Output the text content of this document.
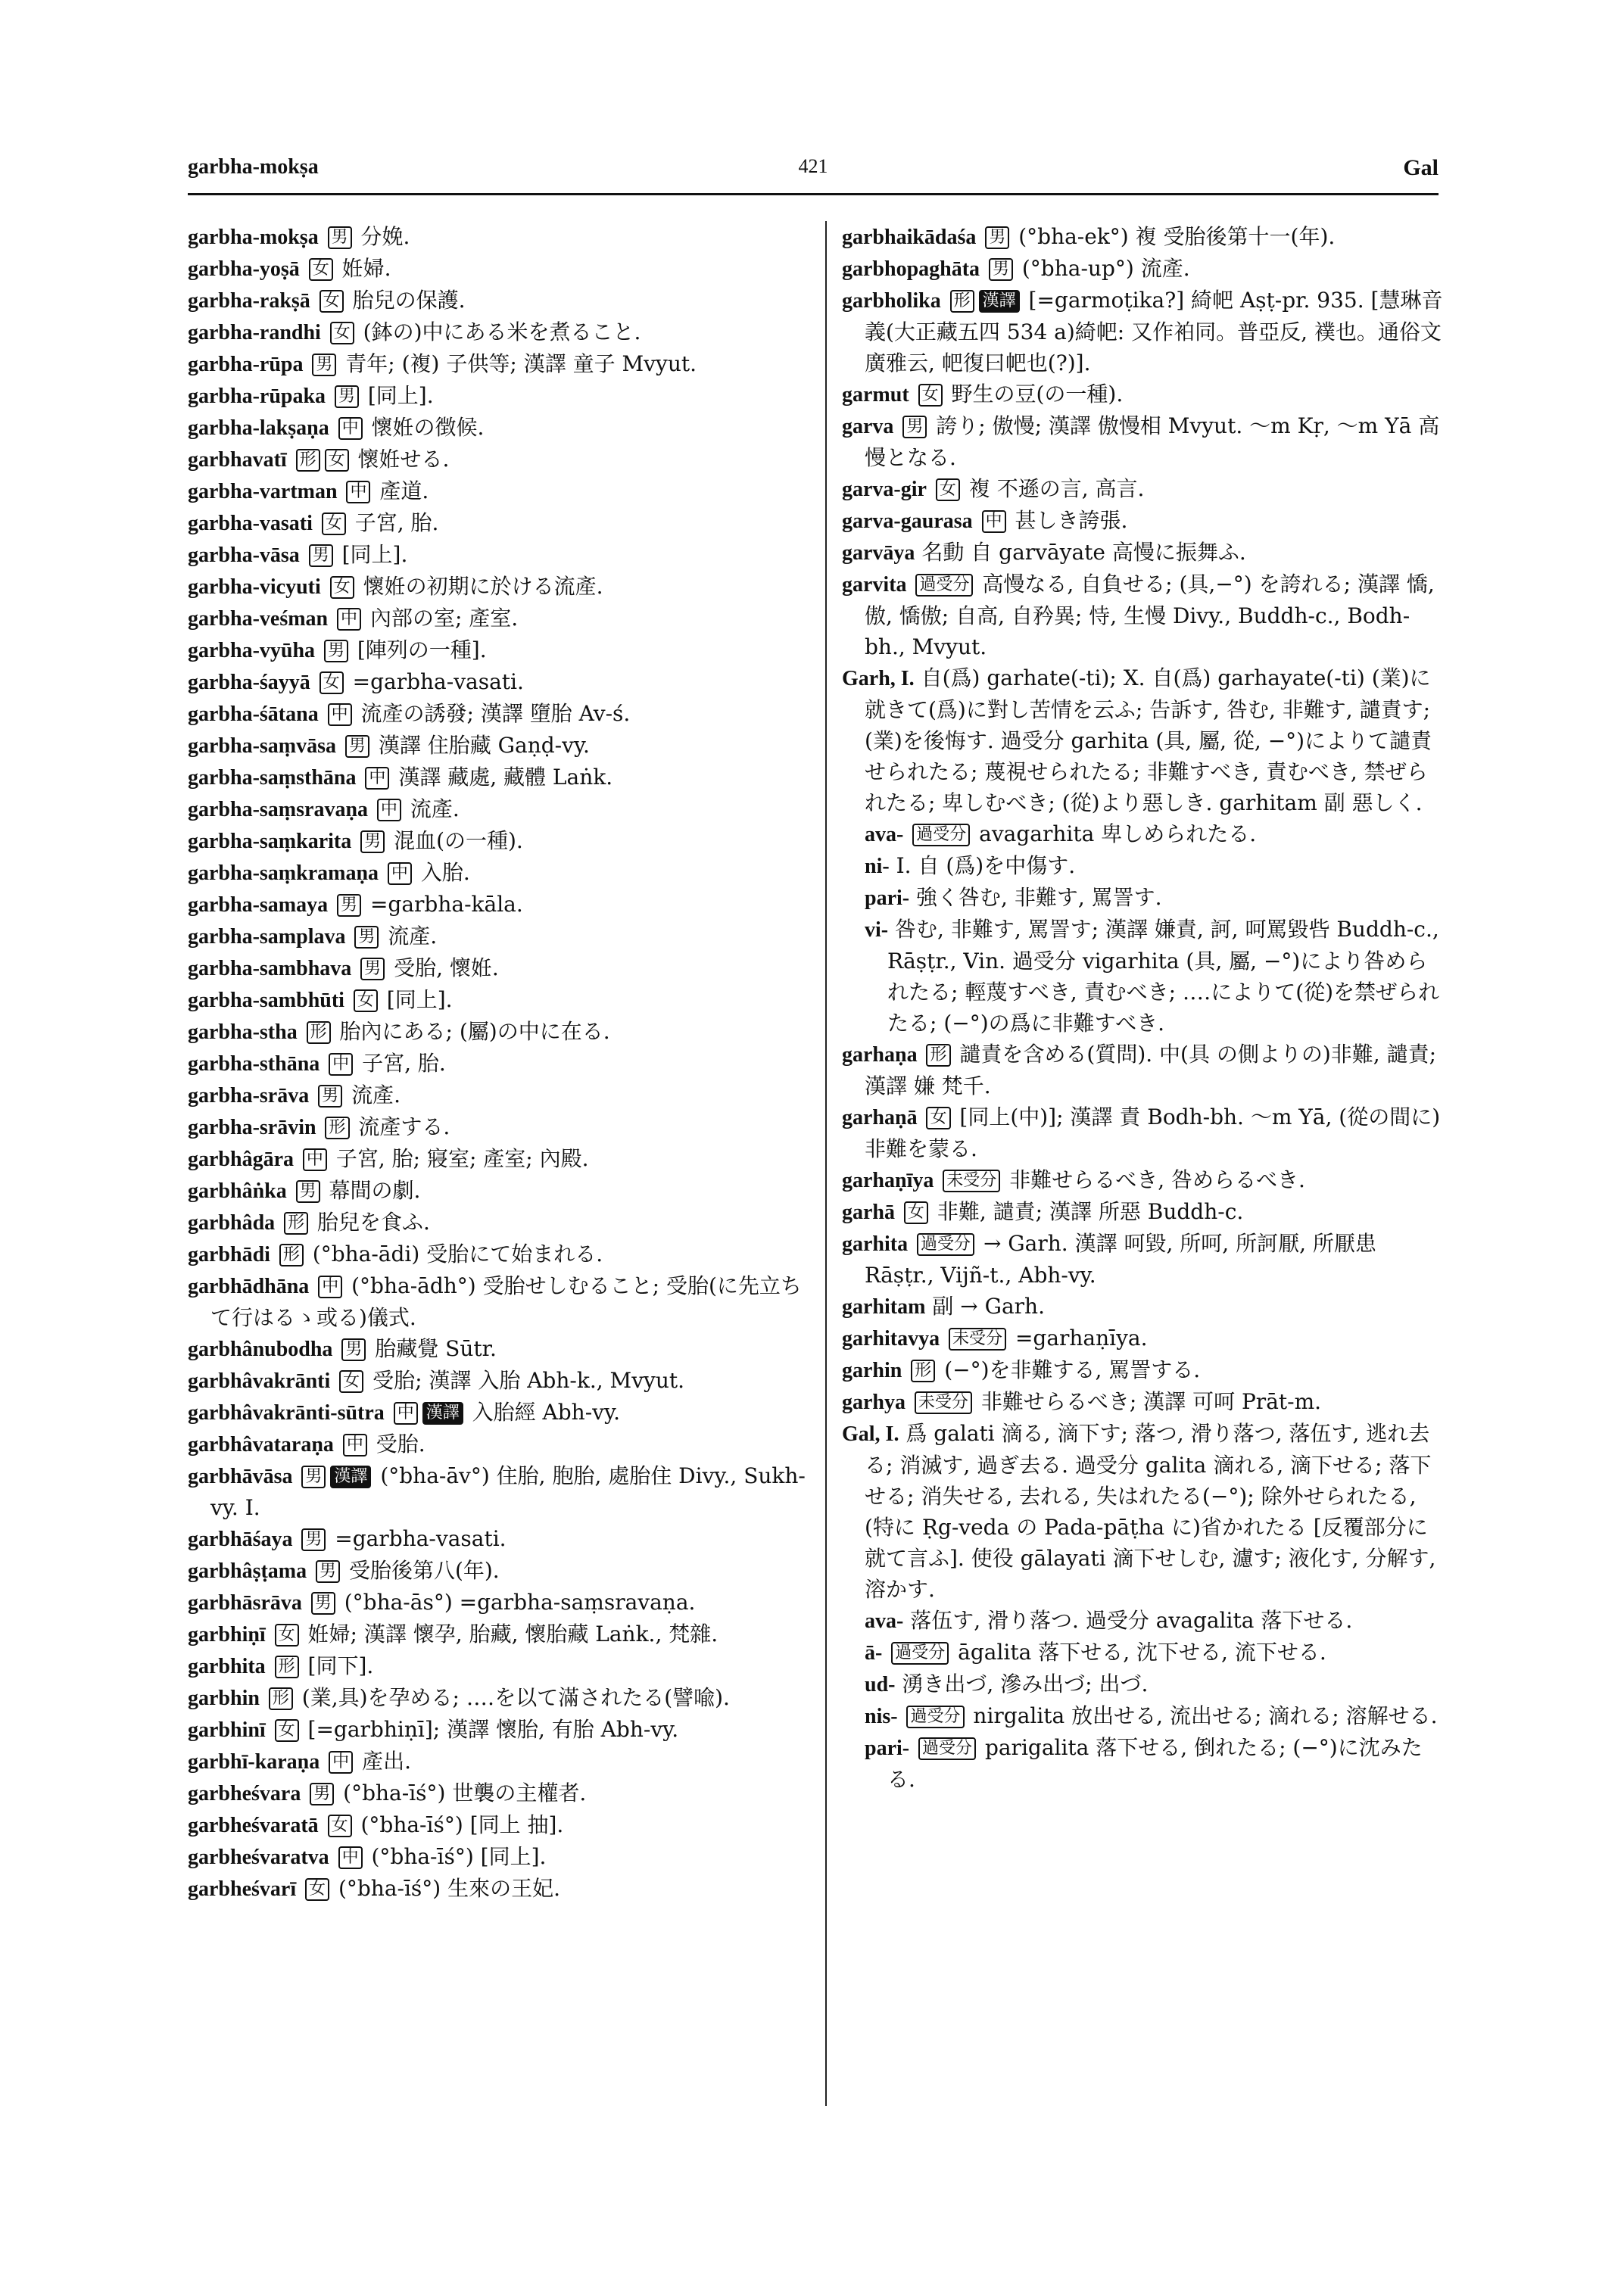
garbha-mokṣa	421	Gal

garbha-mokṣa 男 分娩.

garbha-yoṣā 女 姙婦.

garbha-rakṣā 女 胎兒の保護.

garbha-randhi 女 (鉢の)中にある米を煮ること.

garbha-rūpa 男 青年; (複) 子供等; 漢譯 童子 Mvyut.

garbha-rūpaka 男 [同上].

garbha-lakṣaṇa 中 懷姙の徴候.

garbhavatī 形 女 懷姙せる.

garbha-vartman 中 產道.

garbha-vasati 女 子宮, 胎.

garbha-vāsa 男 [同上].

garbha-vicyuti 女 懷姙の初期に於ける流產.

garbha-veśman 中 內部の室; 產室.

garbha-vyūha 男 [陣列の一種].

garbha-śayyā 女 =garbha-vasati.

garbha-śātana 中 流產の誘發; 漢譯 墮胎 Av-ś.

garbha-saṃvāsa 男 漢譯 住胎藏 Gaṇḍ-vy.

garbha-saṃsthāna 中 漢譯 藏處, 藏體 Laṅk.

garbha-saṃsravaṇa 中 流產.

garbha-saṃkarita 男 混血(の一種).

garbha-saṃkramaṇa 中 入胎.

garbha-samaya 男 =garbha-kāla.

garbha-samplava 男 流產.

garbha-sambhava 男 受胎, 懷姙.

garbha-sambhūti 女 [同上].

garbha-stha 形 胎內にある; (屬)の中に在る.

garbha-sthāna 中 子宮, 胎.

garbha-srāva 男 流產.

garbha-srāvin 形 流產する.

garbhâgāra 中 子宮, 胎; 寢室; 產室; 內殿.

garbhâṅka 男 幕間の劇.

garbhâda 形 胎兒を食ふ.

garbhādi 形 (°bha-ādi) 受胎にて始まれる.

garbhādhāna 中 (°bha-ādh°) 受胎せしむること; 受胎(に先立ちて行はるゝ或る)儀式.

garbhânubodha 男 胎藏覺 Sūtr.

garbhâvakrānti 女 受胎; 漢譯 入胎 Abh-k., Mvyut.

garbhâvakrānti-sūtra 中 漢譯 入胎經 Abh-vy.

garbhâvataraṇa 中 受胎.

garbhāvāsa 男 漢譯 (°bha-āv°) 住胎, 胞胎, 處胎住 Divy., Sukh-vy. I.

garbhāśaya 男 =garbha-vasati.

garbhâṣṭama 男 受胎後第八(年).

garbhāsrāva 男 (°bha-ās°) =garbha-saṃsravaṇa.

garbhiṇī 女 姙婦; 漢譯 懷孕, 胎藏, 懷胎藏 Laṅk., 梵雜.

garbhita 形 [同下].

garbhin 形 (業,具)を孕める; ‥‥を以て滿されたる(譬喩).

garbhinī 女 [=garbhiṇī]; 漢譯 懷胎, 有胎 Abh-vy.

garbhī-karaṇa 中 產出.

garbheśvara 男 (°bha-īś°) 世襲の主權者.

garbheśvaratā 女 (°bha-īś°) [同上 抽].

garbheśvaratva 中 (°bha-īś°) [同上].

garbheśvarī 女 (°bha-īś°) 生來の王妃.

garbhaikādaśa 男 (°bha-ek°) 複 受胎後第十一(年).

garbhopaghāta 男 (°bha-up°) 流產.

garbholika 形 漢譯 [=garmoṭika?] 綺帊 Aṣṭ-pr. 935. [慧琳音義(大正藏五四 534 a)綺帊: 又作袙同。普亞反, 襆也。通俗文廣雅云, 帊復曰帊也(?)].

garmut 女 野生の豆(の一種).

garva 男 誇り; 傲慢; 漢譯 傲慢相 Mvyut. 〜m Kṛ, 〜m Yā 高慢となる.

garva-gir 女 複 不遜の言, 高言.

garva-gaurasa 中 甚しき誇張.

garvāya 名動 自 garvāyate 高慢に振舞ふ.

garvita 過受分 高慢なる, 自負せる; (具,−°) を誇れる; 漢譯 憍, 傲, 憍傲; 自高, 自矜異; 恃, 生慢 Divy., Buddh-c., Bodh-bh., Mvyut.

Garh, I. 自(爲) garhate(-ti); X. 自(爲) garhayate(-ti) (業)に就きて(爲)に對し苦情を云ふ; 告訴す, 咎む, 非難す, 譴責す; (業)を後悔す. 過受分 garhita (具, 屬, 從, −°)によりて譴責せられたる; 蔑視せられたる; 非難すべき, 責むべき, 禁ぜられたる; 卑しむべき; (從)より惡しき. garhitam 副 惡しく.

ava- 過受分 avagarhita 卑しめられたる.

ni- I. 自 (爲)を中傷す.

pari- 強く咎む, 非難す, 罵詈す.

vi- 咎む, 非難す, 罵詈す; 漢譯 嫌責, 訶, 呵罵毀呰 Buddh-c., Rāṣṭr., Vin. 過受分 vigarhita (具, 屬, −°)により咎められたる; 輕蔑すべき, 責むべき; ‥‥によりて(從)を禁ぜられたる; (−°)の爲に非難すべき.

garhaṇa 形 譴責を含める(質問). 中(具 の側よりの)非難, 譴責; 漢譯 嫌 梵千.

garhaṇā 女 [同上(中)]; 漢譯 責 Bodh-bh. 〜m Yā, (從の間に)非難を蒙る.

garhaṇīya 未受分 非難せらるべき, 咎めらるべき.

garhā 女 非難, 譴責; 漢譯 所惡 Buddh-c.

garhita 過受分 → Garh. 漢譯 呵毀, 所呵, 所訶厭, 所厭患 Rāṣṭr., Vijñ-t., Abh-vy.

garhitam 副 → Garh.

garhitavya 未受分 =garhaṇīya.

garhin 形 (−°)を非難する, 罵詈する.

garhya 未受分 非難せらるべき; 漢譯 可呵 Prāt-m.

Gal, I. 爲 galati 滴る, 滴下す; 落つ, 滑り落つ, 落伍す, 逃れ去る; 消滅す, 過ぎ去る. 過受分 galita 滴れる, 滴下せる; 落下せる; 消失せる, 去れる, 失はれたる(−°); 除外せられたる, (特に Ṛg-veda の Pada-pāṭha に)省かれたる [反覆部分に就て言ふ]. 使役 gālayati 滴下せしむ, 濾す; 液化す, 分解す, 溶かす.

ava- 落伍す, 滑り落つ. 過受分 avagalita 落下せる.

ā- 過受分 āgalita 落下せる, 沈下せる, 流下せる.

ud- 湧き出づ, 滲み出づ; 出づ.

nis- 過受分 nirgalita 放出せる, 流出せる; 滴れる; 溶解せる.

pari- 過受分 parigalita 落下せる, 倒れたる; (−°)に沈みたる.
